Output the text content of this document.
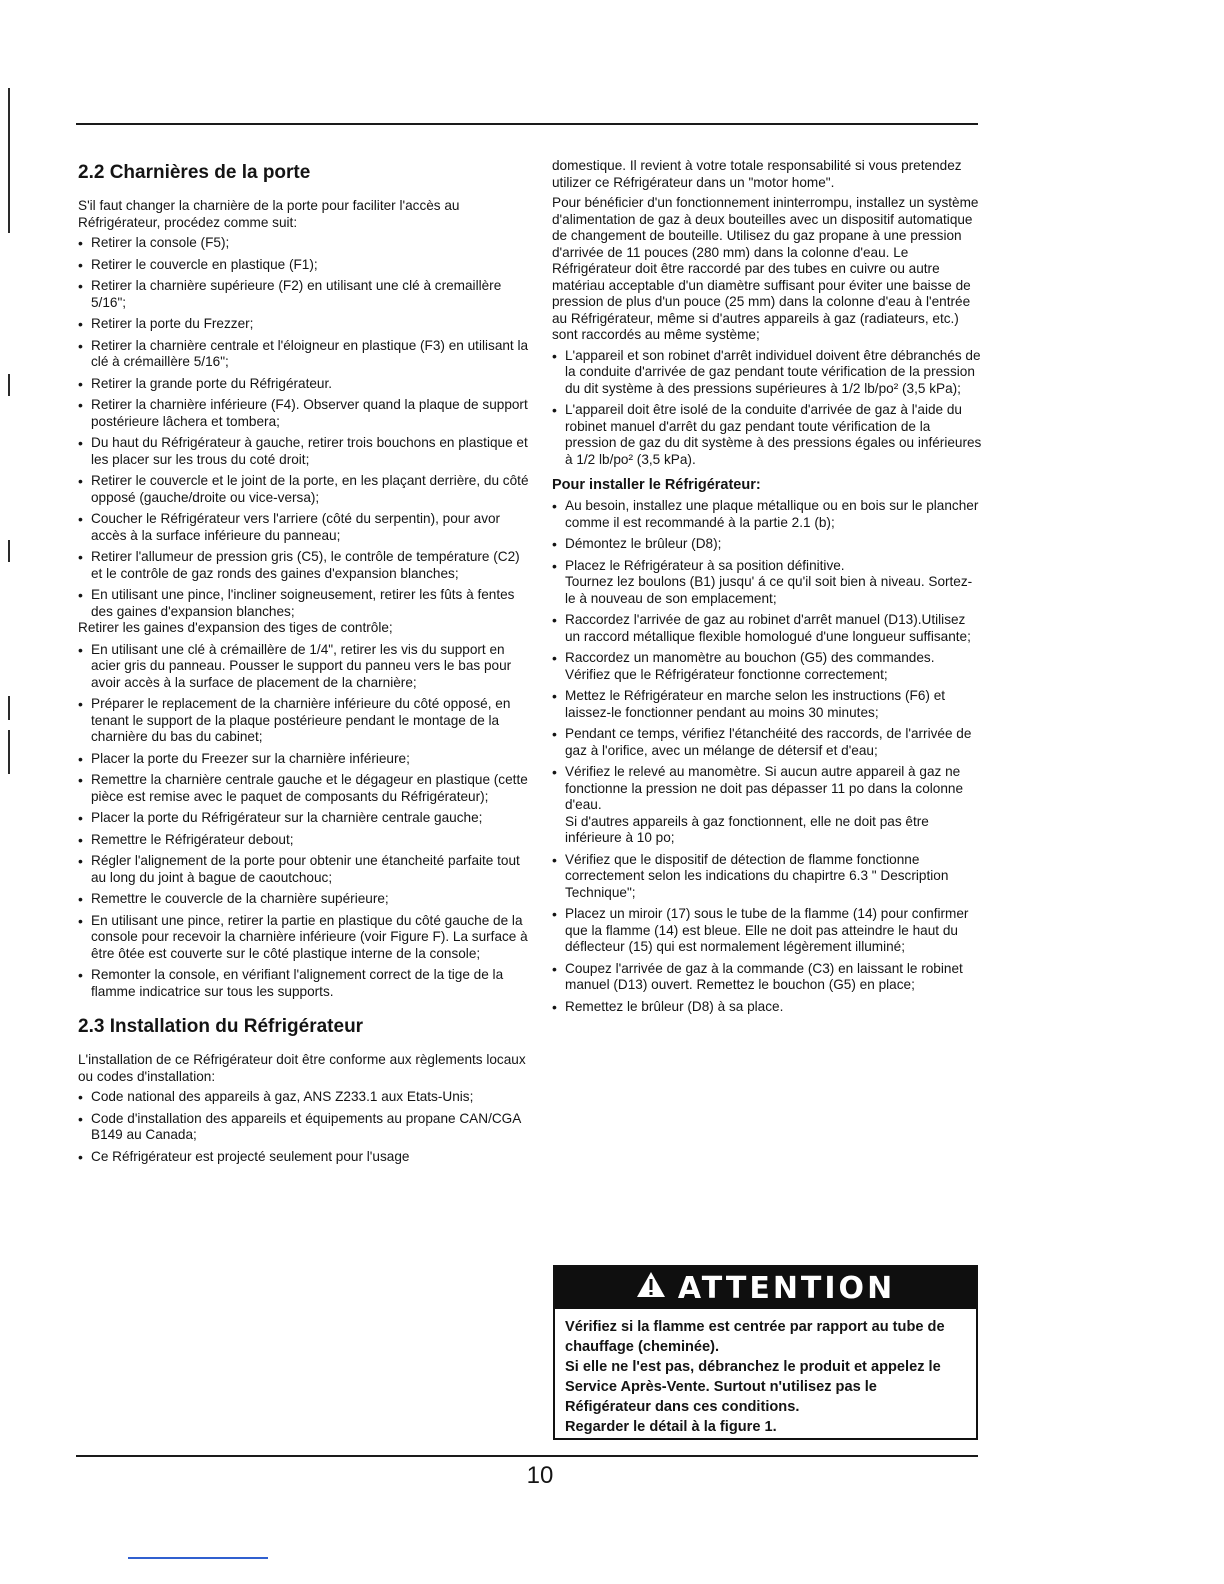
2.2 Charnières de la porte

S'il faut changer la charnière de la porte pour faciliter l'accès au Réfrigérateur, procédez comme suit:

• Retirer la console (F5);
• Retirer le couvercle en plastique (F1);
• Retirer la charnière supérieure (F2) en utilisant une clé à cremaillère 5/16";
• Retirer la porte du Frezzer;
• Retirer la charnière centrale et l'éloigneur en plastique (F3) en utilisant la clé à crémaillère 5/16";
• Retirer la grande porte du Réfrigérateur.
• Retirer la charnière inférieure (F4). Observer quand la plaque de support postérieure lâchera et tombera;
• Du haut du Réfrigérateur à gauche, retirer trois bouchons en plastique et les placer sur les trous du coté droit;
• Retirer le couvercle et le joint de la porte, en les plaçant derrière, du côté opposé (gauche/droite ou vice-versa);
• Coucher le Réfrigérateur vers l'arriere (côté du serpentin), pour avor accès à la surface inférieure du panneau;
• Retirer l'allumeur de pression gris (C5), le contrôle de température (C2) et le contrôle de gaz ronds des gaines d'expansion blanches;
• En utilisant une pince, l'incliner soigneusement, retirer les fûts à fentes des gaines d'expansion blanches;

Retirer les gaines d'expansion des tiges de contrôle;

• En utilisant une clé à crémaillère de 1/4", retirer les vis du support en acier gris du panneau. Pousser le support du panneu vers le bas pour avoir accès à la surface de placement de la charnière;
• Préparer le replacement de la charnière inférieure du côté opposé, en tenant le support de la plaque postérieure pendant le montage de la charnière du bas du cabinet;
• Placer la porte du Freezer sur la charnière inférieure;
• Remettre la charnière centrale gauche et le dégageur en plastique (cette pièce est remise avec le paquet de composants du Réfrigérateur);
• Placer la porte du Réfrigérateur sur la charnière centrale gauche;
• Remettre le Réfrigérateur debout;
• Régler l'alignement de la porte pour obtenir une étancheité parfaite tout au long du joint à bague de caoutchouc;
• Remettre le couvercle de la charnière supérieure;
• En utilisant une pince, retirer la partie en plastique du côté gauche de la console pour recevoir la charnière inférieure (voir Figure F). La surface à être ôtée est couverte sur le côté plastique interne de la console;
• Remonter la console, en vérifiant l'alignement correct de la tige de la flamme indicatrice sur tous les supports.
2.3 Installation du Réfrigérateur

L'installation de ce Réfrigérateur doit être conforme aux règlements locaux ou codes d'installation:

• Code national des appareils à gaz, ANS Z233.1 aux Etats-Unis;
• Code d'installation des appareils et équipements au propane CAN/CGA B149 au Canada;
• Ce Réfrigérateur est projecté seulement pour l'usage

domestique. Il revient à votre totale responsabilité si vous pretendez utilizer ce Réfrigérateur dans un "motor home".

Pour bénéficier d'un fonctionnement ininterrompu, installez un système d'alimentation de gaz à deux bouteilles avec un dispositif automatique de changement de bouteille. Utilisez du gaz propane à une pression d'arrivée de 11 pouces (280 mm) dans la colonne d'eau. Le Réfrigérateur doit être raccordé par des tubes en cuivre ou autre matériau acceptable d'un diamètre suffisant pour éviter une baisse de pression de plus d'un pouce (25 mm) dans la colonne d'eau à l'entrée au Réfrigérateur, même si d'autres appareils à gaz (radiateurs, etc.) sont raccordés au même système;

• L'appareil et son robinet d'arrêt individuel doivent être débranchés de la conduite d'arrivée de gaz pendant toute vérification de la pression du dit système à des pressions supérieures à 1/2 lb/po² (3,5 kPa);
• L'appareil doit être isolé de la conduite d'arrivée de gaz à l'aide du robinet manuel d'arrêt du gaz pendant toute vérification de la pression de gaz du dit système à des pressions égales ou inférieures à 1/2 lb/po² (3,5 kPa).
Pour installer le Réfrigérateur:
• Au besoin, installez une plaque métallique ou en bois sur le plancher comme il est recommandé à la partie 2.1 (b);
• Démontez le brûleur (D8);
• Placez le Réfrigérateur à sa position définitive.
Tournez lez boulons (B1) jusqu' á ce qu'il soit bien à niveau. Sortez-le à nouveau de son emplacement;
• Raccordez l'arrivée de gaz au robinet d'arrêt manuel (D13).Utilisez un raccord métallique flexible homologué d'une longueur suffisante;
• Raccordez un manomètre au bouchon (G5) des commandes. Vérifiez que le Réfrigérateur fonctionne correctement;
• Mettez le Réfrigérateur en marche selon les instructions (F6) et laissez-le fonctionner pendant au moins 30 minutes;
• Pendant ce temps, vérifiez l'étanchéité des raccords, de l'arrivée de gaz à l'orifice, avec un mélange de détersif et d'eau;
• Vérifiez le relevé au manomètre. Si aucun autre appareil à gaz ne fonctionne la pression ne doit pas dépasser 11 po dans la colonne d'eau.
Si d'autres appareils à gaz fonctionnent, elle ne doit pas être inférieure à 10 po;
• Vérifiez que le dispositif de détection de flamme fonctionne correctement selon les indications du chapirtre 6.3 " Description Technique";
• Placez un miroir (17) sous le tube de la flamme (14) pour confirmer que la flamme (14) est bleue. Elle ne doit pas atteindre le haut du déflecteur (15) qui est normalement légèrement illuminé;
• Coupez l'arrivée de gaz à la commande (C3) en laissant le robinet manuel (D13) ouvert. Remettez le bouchon (G5) en place;
• Remettez le brûleur (D8) à sa place.
ATTENTION
Vérifiez si la flamme est centrée par rapport au tube de chauffage (cheminée).
Si elle ne l'est pas, débranchez le produit et appelez le Service Après-Vente. Surtout n'utilisez pas le Réfigérateur dans ces conditions.
Regarder le détail à la figure 1.
10
